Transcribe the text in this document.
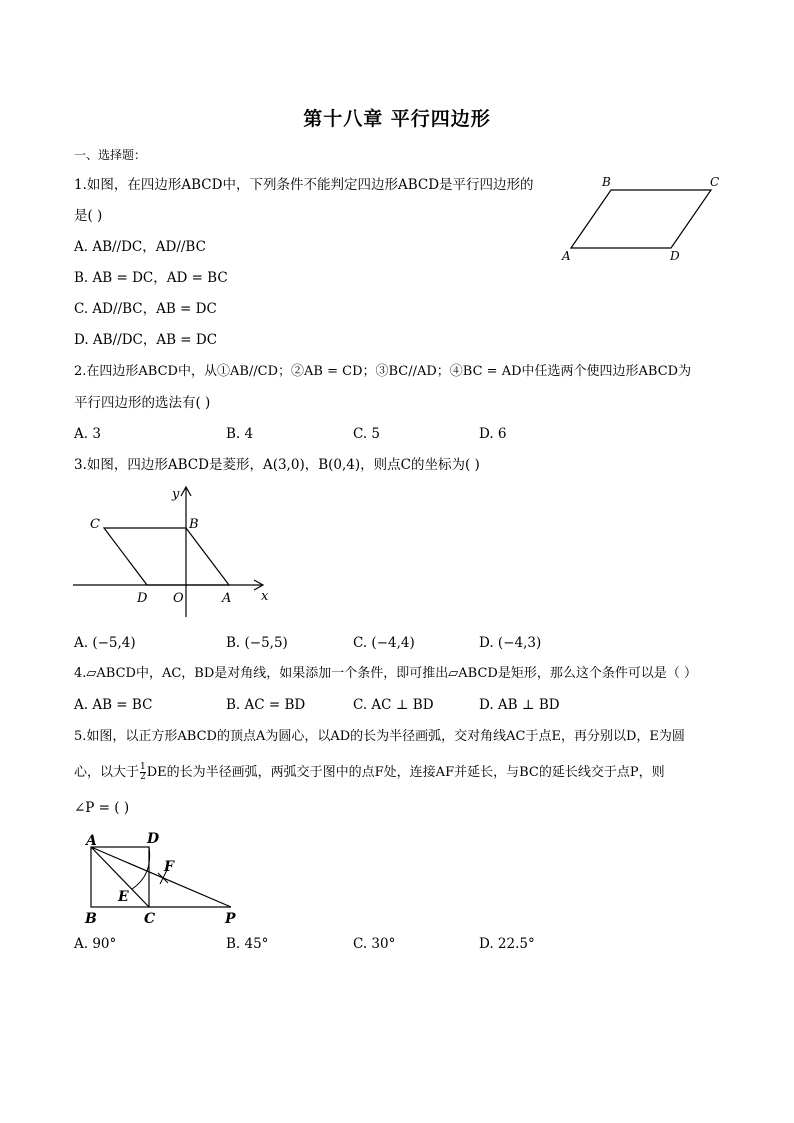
第十八章 平行四边形
一、选择题：
1.如图，在四边形ABCD中，下列条件不能判定四边形ABCD是平行四边形的
是( )
A. AB//DC，AD//BC
B. AB = DC，AD = BC
C. AD//BC，AB = DC
D. AB//DC，AB = DC
B	C
A	D
2.在四边形ABCD中，从①AB//CD；②AB = CD；③BC//AD；④BC = AD中任选两个使四边形ABCD为
平行四边形的选法有( )
A. 3	B. 4	C. 5	D. 6
3.如图，四边形ABCD是菱形，A(3,0)，B(0,4)，则点C的坐标为( )
y
x
C	B
D O	A
A. (−5,4)	B. (−5,5)	C. (−4,4)	D. (−4,3)
4.▱ABCD中，AC，BD是对角线，如果添加一个条件，即可推出▱ABCD是矩形，那么这个条件可以是（ ）
A. AB = BC	B. AC = BD	C. AC ⊥ BD	D. AB ⊥ BD
5.如图，以正方形ABCD的顶点A为圆心，以AD的长为半径画弧，交对角线AC于点E，再分别以D，E为圆
心，以大于 $\frac{1}{2}$ DE的长为半径画弧，两弧交于图中的点F处，连接AF并延长，与BC的延长线交于点P，则
∠P = ( )
A	D
F
E
B	C	P
A. 90°	B. 45°	C. 30°	D. 22.5°
